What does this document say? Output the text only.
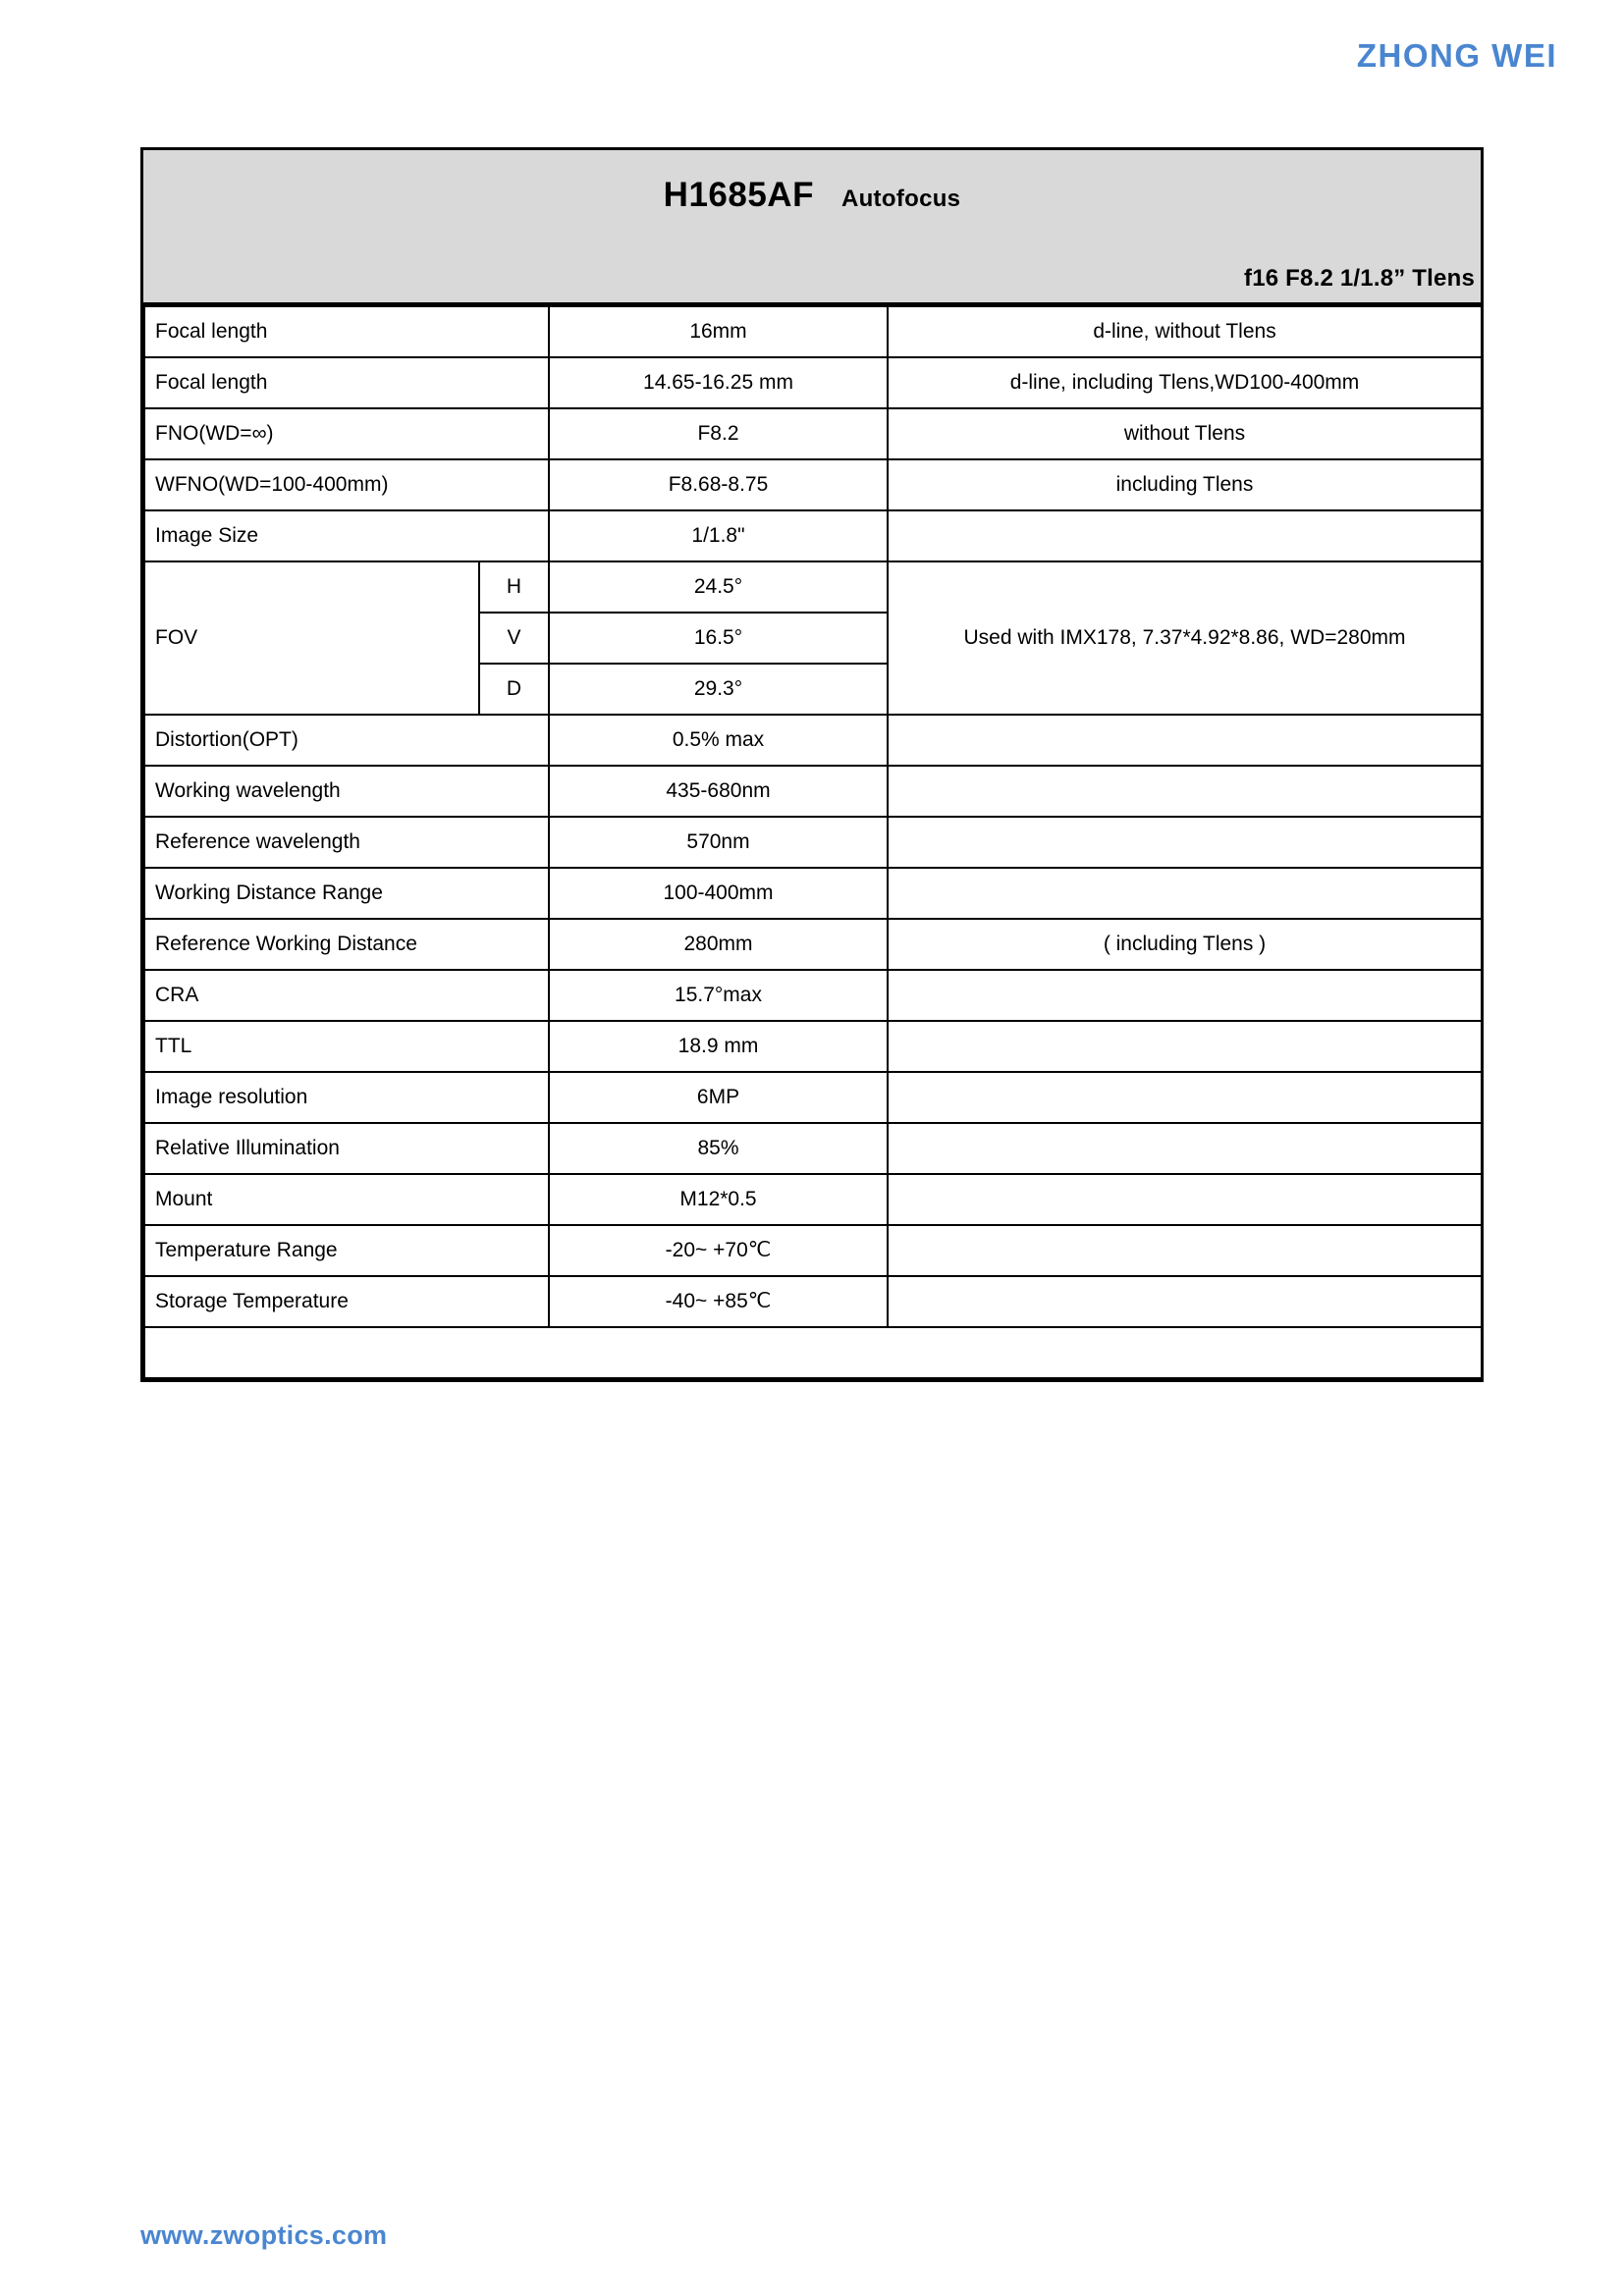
ZHONG WEI
H1685AF Autofocus
f16 F8.2 1/1.8” Tlens
Focal length		16mm	d-line, without Tlens
Focal length		14.65-16.25 mm	d-line, including Tlens,WD100-400mm
FNO(WD=∞)		F8.2	without Tlens
WFNO(WD=100-400mm)		F8.68-8.75	including Tlens
Image Size		1/1.8"	
FOV	H	24.5°	Used with IMX178, 7.37*4.92*8.86, WD=280mm
	V	16.5°	
	D	29.3°	
Distortion(OPT)		0.5% max	
Working wavelength		435-680nm	
Reference wavelength		570nm	
Working Distance Range		100-400mm	
Reference Working Distance		280mm	( including Tlens )
CRA		15.7°max	
TTL		18.9 mm	
Image resolution		6MP	
Relative Illumination		85%	
Mount		M12*0.5	
Temperature Range		-20~ +70℃	
Storage Temperature		-40~ +85℃	

H1685AF_V4 20230707
物面
280
ø9.7
18.9±0.2	3±0.2
0.8
M12*0.5	ø9
-0.03 -0.01
像面
5
线带	50
M12*0.5
ø9.7
10
www.zwoptics.com
